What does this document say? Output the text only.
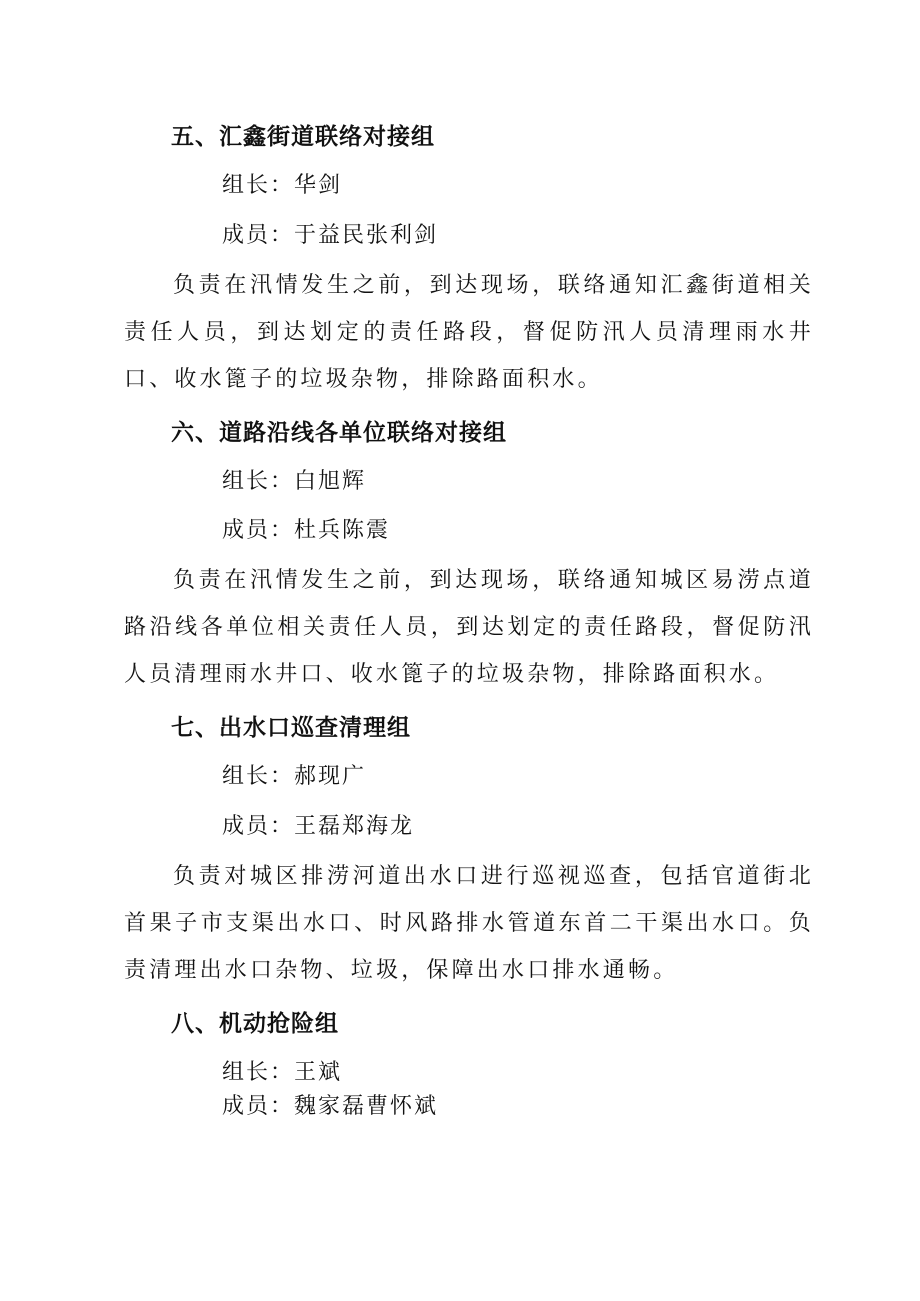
五、汇鑫街道联络对接组
组长：华剑
成员：于益民张利剑
负责在汛情发生之前，到达现场，联络通知汇鑫街道相关责任人员，到达划定的责任路段，督促防汛人员清理雨水井口、收水篦子的垃圾杂物，排除路面积水。
六、道路沿线各单位联络对接组
组长：白旭辉
成员：杜兵陈震
负责在汛情发生之前，到达现场，联络通知城区易涝点道路沿线各单位相关责任人员，到达划定的责任路段，督促防汛人员清理雨水井口、收水篦子的垃圾杂物，排除路面积水。
七、出水口巡查清理组
组长：郝现广
成员：王磊郑海龙
负责对城区排涝河道出水口进行巡视巡查，包括官道街北首果子市支渠出水口、时风路排水管道东首二干渠出水口。负责清理出水口杂物、垃圾，保障出水口排水通畅。
八、机动抢险组
组长：王斌
成员：魏家磊曹怀斌
